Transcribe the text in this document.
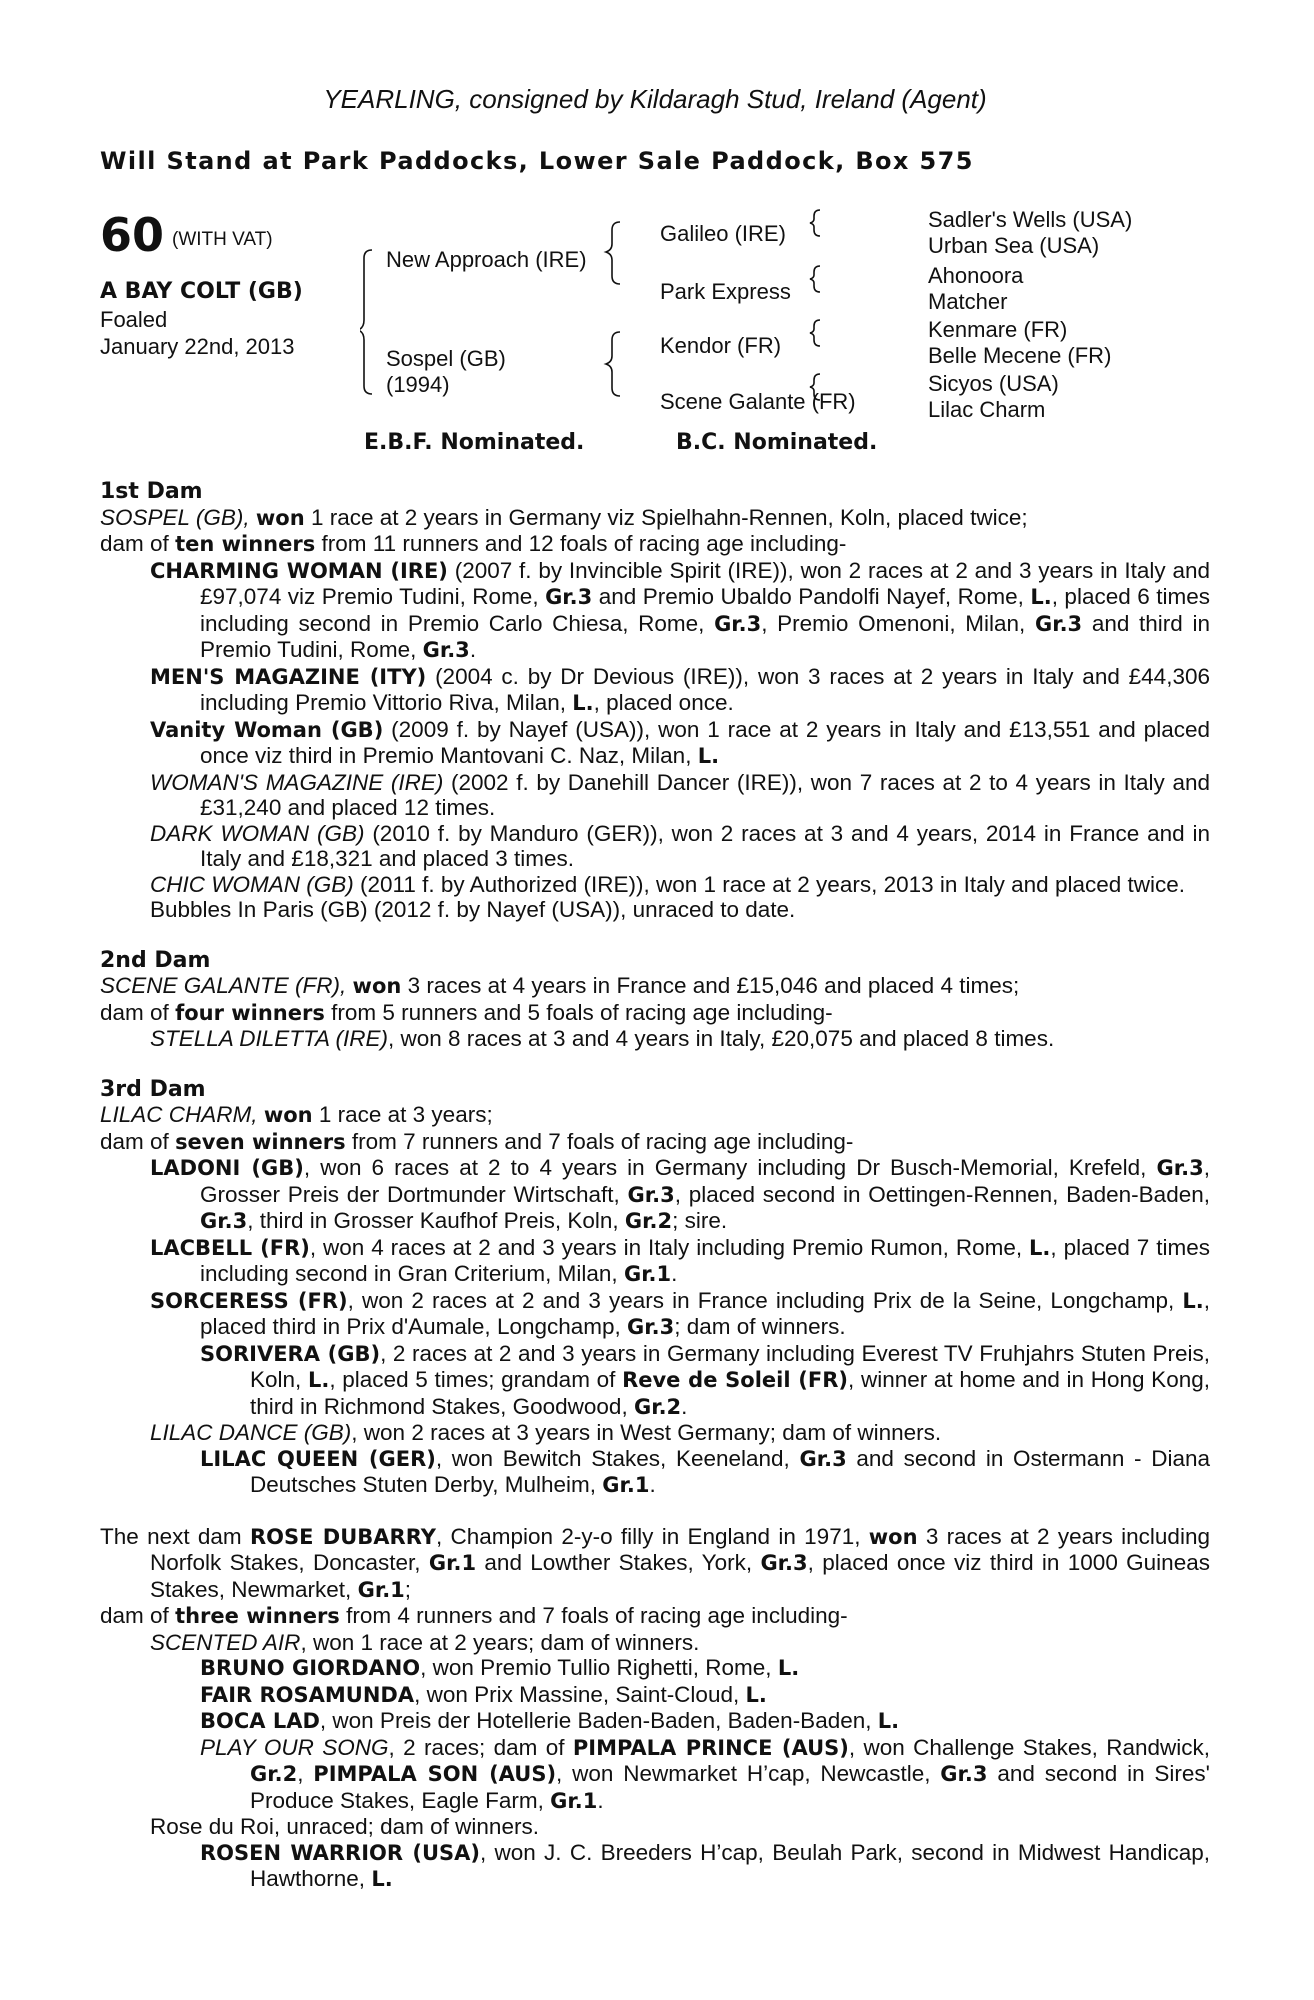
YEARLING, consigned by Kildaragh Stud, Ireland (Agent)
Will Stand at Park Paddocks, Lower Sale Paddock, Box 575
60 (WITH VAT)
A BAY COLT (GB)
Foaled
January 22nd, 2013
New Approach (IRE)
Sospel (GB)
(1994)
Galileo (IRE)
Park Express
Kendor (FR)
Scene Galante (FR)
Sadler's Wells (USA)
Urban Sea (USA)
Ahonoora
Matcher
Kenmare (FR)
Belle Mecene (FR)
Sicyos (USA)
Lilac Charm
E.B.F. Nominated.	B.C. Nominated.

1st Dam

SOSPEL (GB), won 1 race at 2 years in Germany viz Spielhahn-Rennen, Koln, placed twice;

dam of ten winners from 11 runners and 12 foals of racing age including-

CHARMING WOMAN (IRE) (2007 f. by Invincible Spirit (IRE)), won 2 races at 2 and 3 years in Italy and £97,074 viz Premio Tudini, Rome, Gr.3 and Premio Ubaldo Pandolfi Nayef, Rome, L., placed 6 times including second in Premio Carlo Chiesa, Rome, Gr.3, Premio Omenoni, Milan, Gr.3 and third in Premio Tudini, Rome, Gr.3.

MEN'S MAGAZINE (ITY) (2004 c. by Dr Devious (IRE)), won 3 races at 2 years in Italy and £44,306 including Premio Vittorio Riva, Milan, L., placed once.

Vanity Woman (GB) (2009 f. by Nayef (USA)), won 1 race at 2 years in Italy and £13,551 and placed once viz third in Premio Mantovani C. Naz, Milan, L.

WOMAN'S MAGAZINE (IRE) (2002 f. by Danehill Dancer (IRE)), won 7 races at 2 to 4 years in Italy and £31,240 and placed 12 times.

DARK WOMAN (GB) (2010 f. by Manduro (GER)), won 2 races at 3 and 4 years, 2014 in France and in Italy and £18,321 and placed 3 times.

CHIC WOMAN (GB) (2011 f. by Authorized (IRE)), won 1 race at 2 years, 2013 in Italy and placed twice.

Bubbles In Paris (GB) (2012 f. by Nayef (USA)), unraced to date.

2nd Dam

SCENE GALANTE (FR), won 3 races at 4 years in France and £15,046 and placed 4 times;

dam of four winners from 5 runners and 5 foals of racing age including-

STELLA DILETTA (IRE), won 8 races at 3 and 4 years in Italy, £20,075 and placed 8 times.

3rd Dam

LILAC CHARM, won 1 race at 3 years;

dam of seven winners from 7 runners and 7 foals of racing age including-

LADONI (GB), won 6 races at 2 to 4 years in Germany including Dr Busch-Memorial, Krefeld, Gr.3, Grosser Preis der Dortmunder Wirtschaft, Gr.3, placed second in Oettingen-Rennen, Baden-Baden, Gr.3, third in Grosser Kaufhof Preis, Koln, Gr.2; sire.

LACBELL (FR), won 4 races at 2 and 3 years in Italy including Premio Rumon, Rome, L., placed 7 times including second in Gran Criterium, Milan, Gr.1.

SORCERESS (FR), won 2 races at 2 and 3 years in France including Prix de la Seine, Longchamp, L., placed third in Prix d'Aumale, Longchamp, Gr.3; dam of winners.

SORIVERA (GB), 2 races at 2 and 3 years in Germany including Everest TV Fruhjahrs Stuten Preis, Koln, L., placed 5 times; grandam of Reve de Soleil (FR), winner at home and in Hong Kong, third in Richmond Stakes, Goodwood, Gr.2.

LILAC DANCE (GB), won 2 races at 3 years in West Germany; dam of winners.

LILAC QUEEN (GER), won Bewitch Stakes, Keeneland, Gr.3 and second in Ostermann - Diana Deutsches Stuten Derby, Mulheim, Gr.1.

The next dam ROSE DUBARRY, Champion 2-y-o filly in England in 1971, won 3 races at 2 years including Norfolk Stakes, Doncaster, Gr.1 and Lowther Stakes, York, Gr.3, placed once viz third in 1000 Guineas Stakes, Newmarket, Gr.1;

dam of three winners from 4 runners and 7 foals of racing age including-

SCENTED AIR, won 1 race at 2 years; dam of winners.

BRUNO GIORDANO, won Premio Tullio Righetti, Rome, L.

FAIR ROSAMUNDA, won Prix Massine, Saint-Cloud, L.

BOCA LAD, won Preis der Hotellerie Baden-Baden, Baden-Baden, L.

PLAY OUR SONG, 2 races; dam of PIMPALA PRINCE (AUS), won Challenge Stakes, Randwick, Gr.2, PIMPALA SON (AUS), won Newmarket H’cap, Newcastle, Gr.3 and second in Sires' Produce Stakes, Eagle Farm, Gr.1.

Rose du Roi, unraced; dam of winners.

ROSEN WARRIOR (USA), won J. C. Breeders H’cap, Beulah Park, second in Midwest Handicap, Hawthorne, L.
